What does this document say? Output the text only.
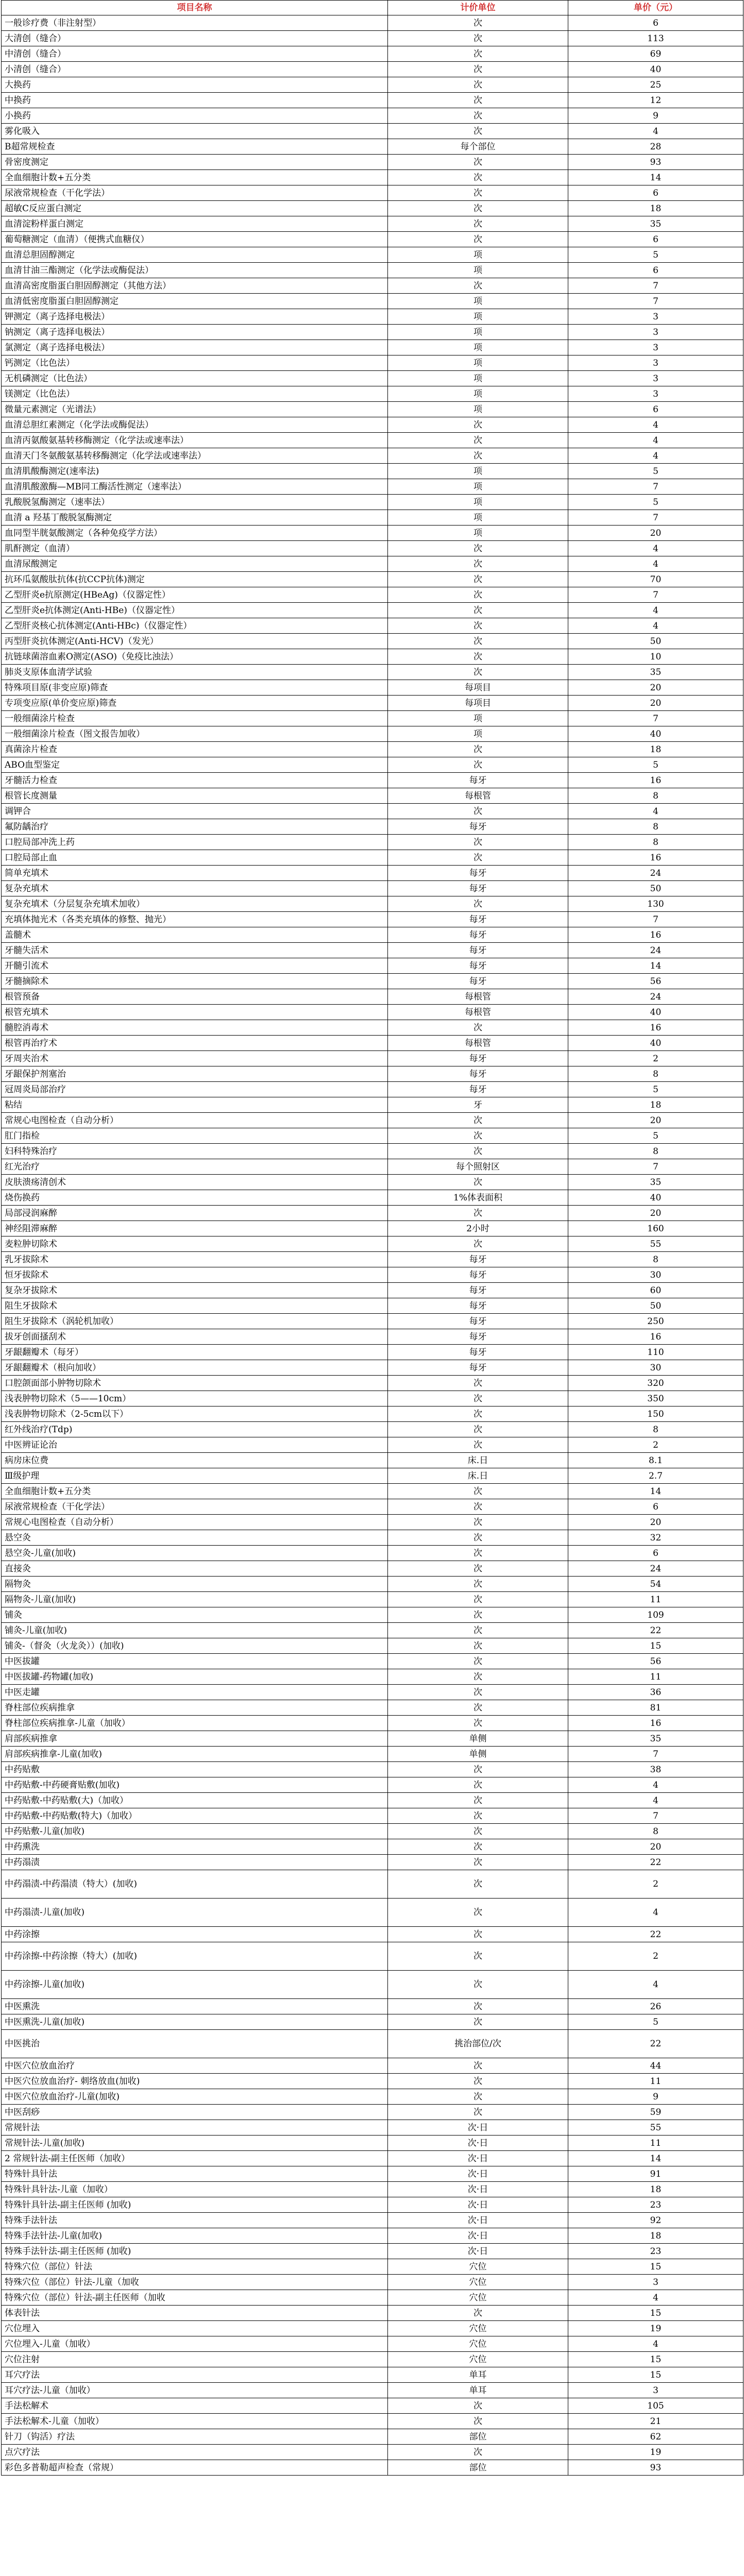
项目名称	计价单位	单价（元）
一般诊疗费（非注射型）	次	6
大清创（缝合）	次	113
中清创（缝合）	次	69
小清创（缝合）	次	40
大换药	次	25
中换药	次	12
小换药	次	9
雾化吸入	次	4
B超常规检查	每个部位	28
骨密度测定	次	93
全血细胞计数+五分类	次	14
尿液常规检查（干化学法）	次	6
超敏C反应蛋白测定	次	18
血清淀粉样蛋白测定	次	35
葡萄糖测定（血清）（便携式血糖仪）	次	6
血清总胆固醇测定	项	5
血清甘油三酯测定（化学法或酶促法）	项	6
血清高密度脂蛋白胆固醇测定（其他方法）	次	7
血清低密度脂蛋白胆固醇测定	项	7
钾测定（离子选择电极法）	项	3
钠测定（离子选择电极法）	项	3
氯测定（离子选择电极法）	项	3
钙测定（比色法）	项	3
无机磷测定（比色法）	项	3
镁测定（比色法）	项	3
微量元素测定（光谱法）	项	6
血清总胆红素测定（化学法或酶促法）	次	4
血清丙氨酸氨基转移酶测定（化学法或速率法）	次	4
血清天门冬氨酸氨基转移酶测定（化学法或速率法）	次	4
血清肌酸酶测定(速率法)	项	5
血清肌酸激酶—MB同工酶活性测定（速率法）	项	7
乳酸脱氢酶测定（速率法）	项	5
血清 a 羟基丁酸脱氢酶测定	项	7
血同型半胱氨酸测定（各种免疫学方法）	项	20
肌酐测定（血清）	次	4
血清尿酸测定	次	4
抗环瓜氨酸肽抗体(抗CCP抗体)测定	次	70
乙型肝炎e抗原测定(HBeAg)（仪器定性）	次	7
乙型肝炎e抗体测定(Anti-HBe)（仪器定性）	次	4
乙型肝炎核心抗体测定(Anti-HBc)（仪器定性）	次	4
丙型肝炎抗体测定(Anti-HCV)（发光）	次	50
抗链球菌溶血素O测定(ASO)（免疫比浊法）	次	10
肺炎支原体血清学试验	次	35
特殊项目原(非变应原)筛查	每项目	20
专项变应原(单价变应原)筛查	每项目	20
一般细菌涂片检查	项	7
一般细菌涂片检查（图文报告加收）	项	40
真菌涂片检查	次	18
ABO血型鉴定	次	5
牙髓活力检查	每牙	16
根管长度测量	每根管	8
调钾合	次	4
氟防龋治疗	每牙	8
口腔局部冲洗上药	次	8
口腔局部止血	次	16
简单充填术	每牙	24
复杂充填术	每牙	50
复杂充填术（分层复杂充填术加收）	次	130
充填体抛光术（各类充填体的修整、抛光）	每牙	7
盖髓术	每牙	16
牙髓失活术	每牙	24
开髓引流术	每牙	14
牙髓摘除术	每牙	56
根管预备	每根管	24
根管充填术	每根管	40
髓腔消毒术	次	16
根管再治疗术	每根管	40
牙周夹治术	每牙	2
牙龈保护剂塞治	每牙	8
冠周炎局部治疗	每牙	5
粘结	牙	18
常规心电图检查（自动分析）	次	20
肛门指检	次	5
妇科特殊治疗	次	8
红光治疗	每个照射区	7
皮肤溃疡清创术	次	35
烧伤换药	1%体表面积	40
局部浸润麻醉	次	20
神经阻滞麻醉	2小时	160
麦粒肿切除术	次	55
乳牙拔除术	每牙	8
恒牙拔除术	每牙	30
复杂牙拔除术	每牙	60
阻生牙拔除术	每牙	50
阻生牙拔除术（涡轮机加收）	每牙	250
拔牙创面搔刮术	每牙	16
牙龈翻瓣术（每牙）	每牙	110
牙龈翻瓣术（根向加收）	每牙	30
口腔颌面部小肿物切除术	次	320
浅表肿物切除术（5——10cm）	次	350
浅表肿物切除术（2-5cm以下）	次	150
红外线治疗(Tdp)	次	8
中医辨证论治	次	2
病房床位费	床.日	8.1
Ⅲ级护理	床.日	2.7
全血细胞计数+五分类	次	14
尿液常规检查（干化学法）	次	6
常规心电图检查（自动分析）	次	20
悬空灸	次	32
悬空灸-儿童(加收)	次	6
直接灸	次	24
隔物灸	次	54
隔物灸-儿童(加收)	次	11
铺灸	次	109
铺灸-儿童(加收)	次	22
铺灸-（督灸（火龙灸））(加收)	次	15
中医拔罐	次	56
中医拔罐-药物罐(加收)	次	11
中医走罐	次	36
脊柱部位疾病推拿	次	81
脊柱部位疾病推拿-儿童（加收）	次	16
肩部疾病推拿	单侧	35
肩部疾病推拿-儿童(加收)	单侧	7
中药贴敷	次	38
中药贴敷-中药硬膏贴敷(加收)	次	4
中药贴敷-中药贴敷(大)（加收）	次	4
中药贴敷-中药贴敷(特大)（加收）	次	7
中药贴敷-儿童(加收)	次	8
中药熏洗	次	20
中药溻渍	次	22
中药溻渍-中药溻渍（特大）(加收)	次	2
中药溻渍-儿童(加收)	次	4
中药涂擦	次	22
中药涂擦-中药涂擦（特大）(加收)	次	2
中药涂擦-儿童(加收)	次	4
中医熏洗	次	26
中医熏洗-儿童(加收)	次	5
中医挑治	挑治部位/次	22
中医穴位放血治疗	次	44
中医穴位放血治疗- 刺络放血(加收)	次	11
中医穴位放血治疗-儿童(加收)	次	9
中医刮痧	次	59
常规针法	次·日	55
常规针法-儿童(加收)	次·日	11
2 常规针法-副主任医师（加收）	次·日	14
特殊针具针法	次·日	91
特殊针具针法-儿童（加收）	次·日	18
特殊针具针法-副主任医师 (加收)	次·日	23
特殊手法针法	次·日	92
特殊手法针法-儿童(加收)	次·日	18
特殊手法针法-副主任医师 (加收)	次·日	23
特殊穴位（部位）针法	穴位	15
特殊穴位（部位）针法-儿童（加收	穴位	3
特殊穴位（部位）针法-副主任医师（加收	穴位	4
体表针法	次	15
穴位埋入	穴位	19
穴位埋入-儿童（加收）	穴位	4
穴位注射	穴位	15
耳穴疗法	单耳	15
耳穴疗法-儿童（加收）	单耳	3
手法松解术	次	105
手法松解术-儿童（加收）	次	21
针刀（钩活）疗法	部位	62
点穴疗法	次	19
彩色多普勒超声检查（常规）	部位	93
